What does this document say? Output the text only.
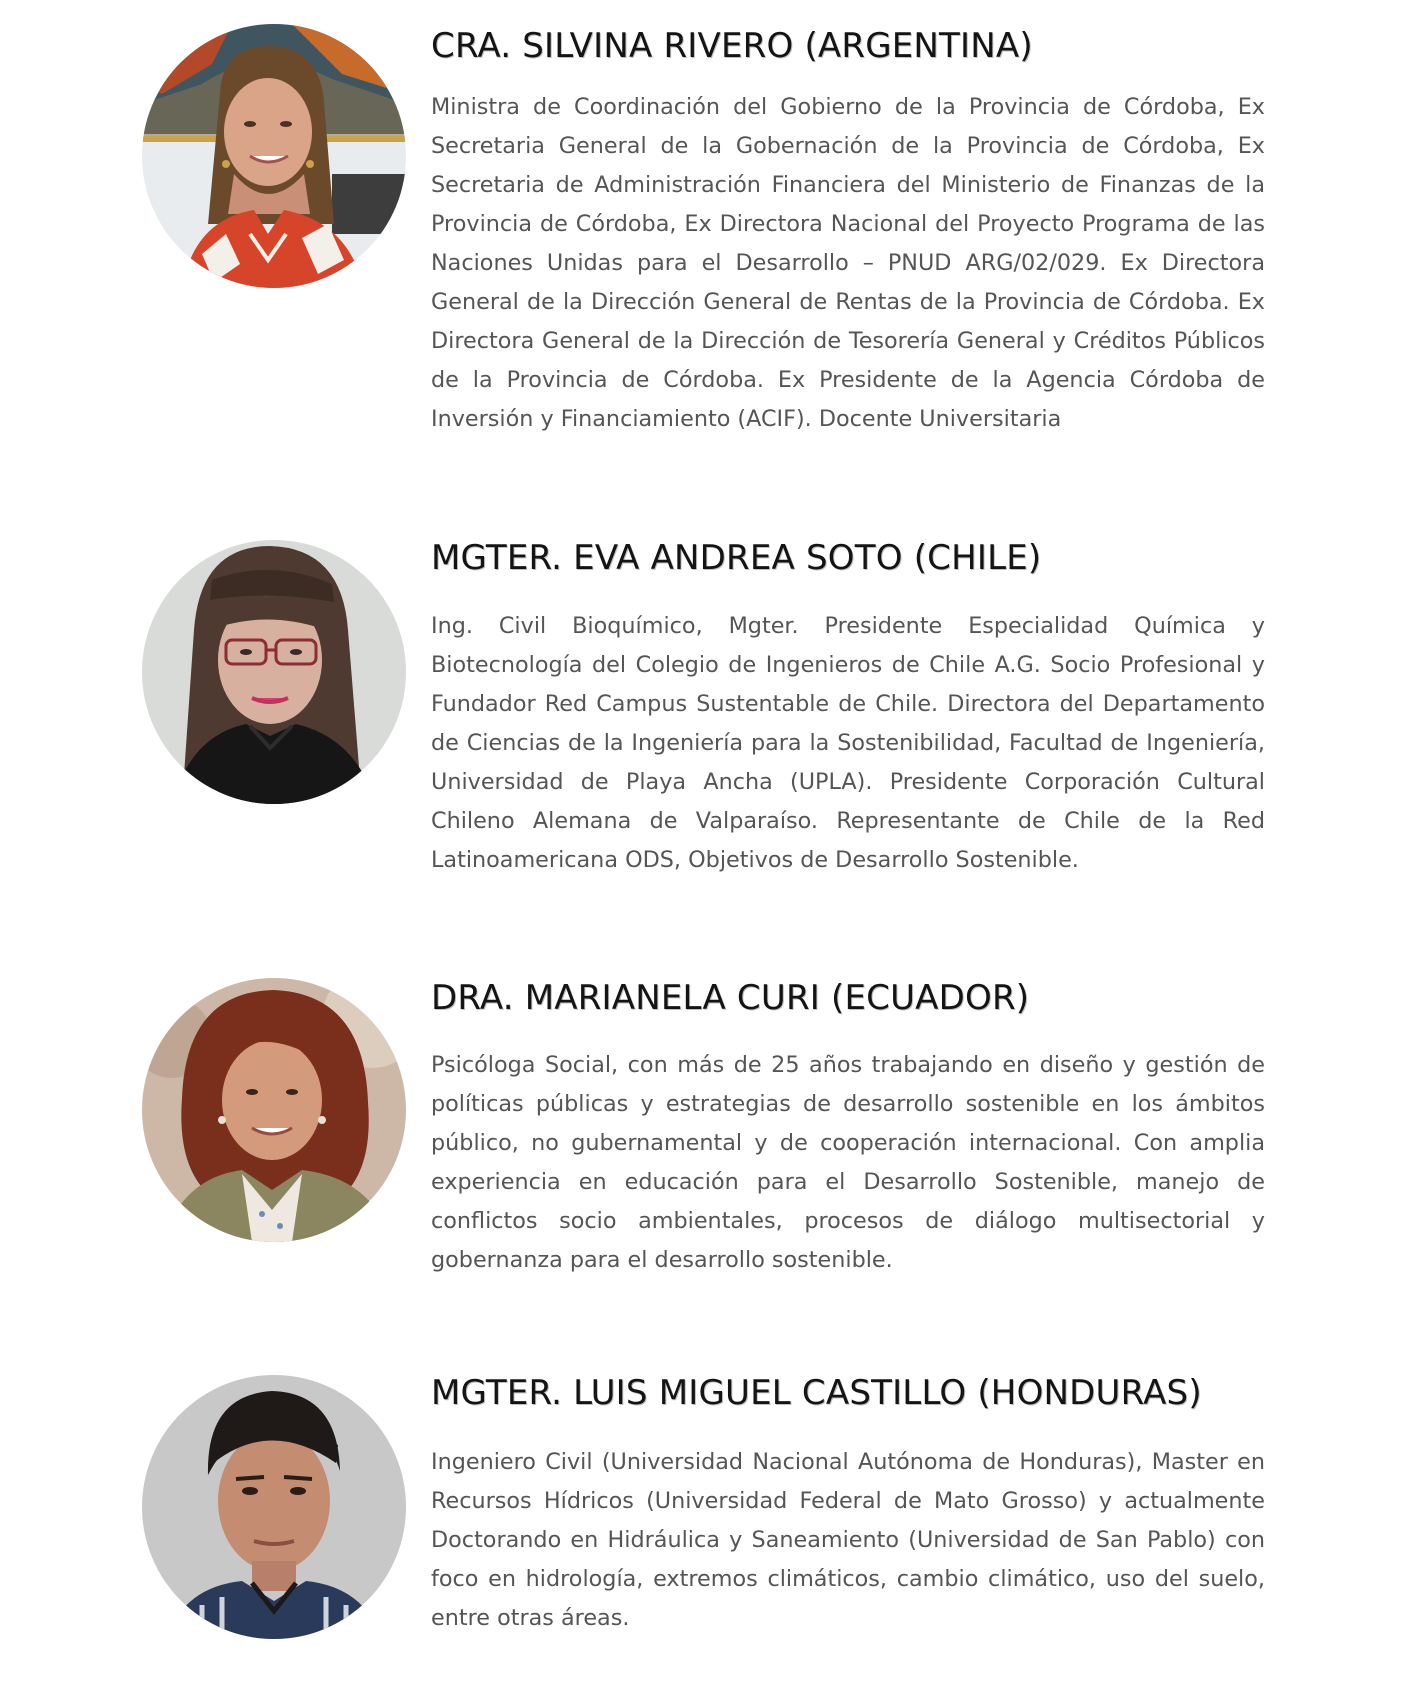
CRA. SILVINA RIVERO (ARGENTINA)

Ministra de Coordinación del Gobierno de la Provincia de Córdoba, Ex Secretaria General de la Gobernación de la Provincia de Córdoba, Ex Secretaria de Administración Financiera del Ministerio de Finanzas de la Provincia de Córdoba, Ex Directora Nacional del Proyecto Programa de las Naciones Unidas para el Desarrollo – PNUD ARG/02/029. Ex Directora General de la Dirección General de Rentas de la Provincia de Córdoba. Ex Directora General de la Dirección de Tesorería General y Créditos Públicos de la Provincia de Córdoba. Ex Presidente de la Agencia Córdoba de Inversión y Financiamiento (ACIF). Docente Universitaria

MGTER. EVA ANDREA SOTO (CHILE)

Ing. Civil Bioquímico, Mgter. Presidente Especialidad Química y Biotecnología del Colegio de Ingenieros de Chile A.G. Socio Profesional y Fundador Red Campus Sustentable de Chile. Directora del Departamento de Ciencias de la Ingeniería para la Sostenibilidad, Facultad de Ingeniería, Universidad de Playa Ancha (UPLA). Presidente Corporación Cultural Chileno Alemana de Valparaíso. Representante de Chile de la Red Latinoamericana ODS, Objetivos de Desarrollo Sostenible.

DRA. MARIANELA CURI (ECUADOR)

Psicóloga Social, con más de 25 años trabajando en diseño y gestión de políticas públicas y estrategias de desarrollo sostenible en los ámbitos público, no gubernamental y de cooperación internacional. Con amplia experiencia en educación para el Desarrollo Sostenible, manejo de conflictos socio ambientales, procesos de diálogo multisectorial y gobernanza para el desarrollo sostenible.

MGTER. LUIS MIGUEL CASTILLO (HONDURAS)

Ingeniero Civil (Universidad Nacional Autónoma de Honduras), Master en Recursos Hídricos (Universidad Federal de Mato Grosso) y actualmente Doctorando en Hidráulica y Saneamiento (Universidad de San Pablo) con foco en hidrología, extremos climáticos, cambio climático, uso del suelo, entre otras áreas.
